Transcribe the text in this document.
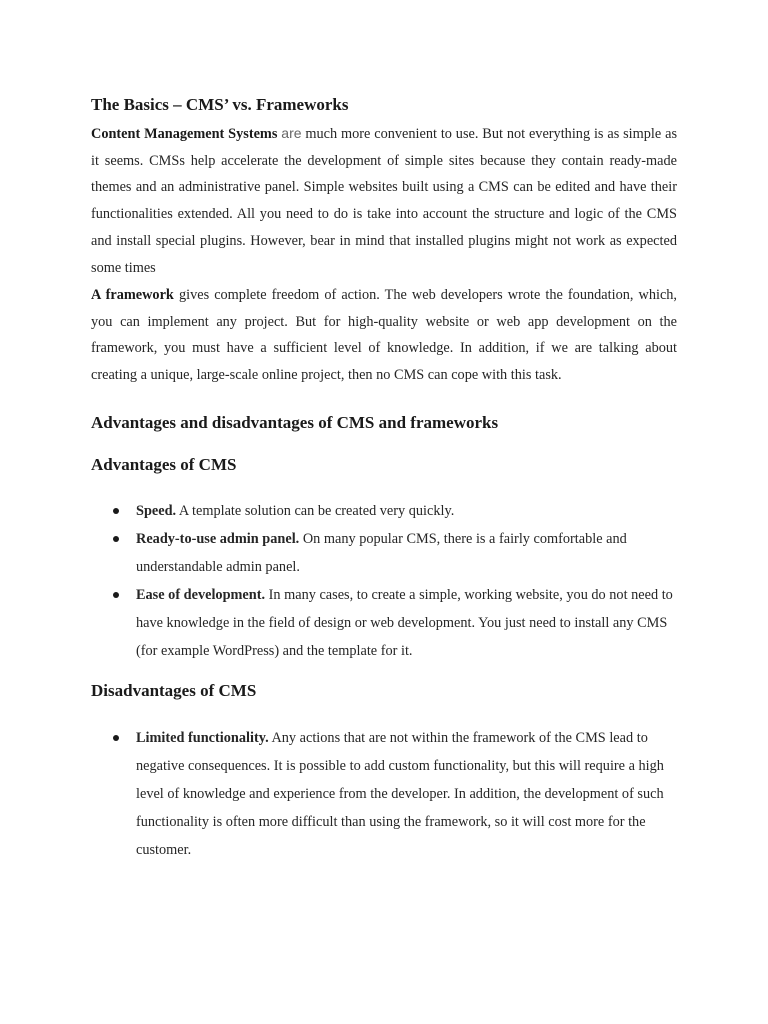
The Basics – CMS’ vs. Frameworks
Content Management Systems are much more convenient to use. But not everything is as simple as it seems. CMSs help accelerate the development of simple sites because they contain ready-made themes and an administrative panel. Simple websites built using a CMS can be edited and have their functionalities extended. All you need to do is take into account the structure and logic of the CMS and install special plugins. However, bear in mind that installed plugins might not work as expected some times
A framework gives complete freedom of action. The web developers wrote the foundation, which, you can implement any project. But for high-quality website or web app development on the framework, you must have a sufficient level of knowledge. In addition, if we are talking about creating a unique, large-scale online project, then no CMS can cope with this task.
Advantages and disadvantages of CMS and frameworks
Advantages of CMS
Speed. A template solution can be created very quickly.
Ready-to-use admin panel. On many popular CMS, there is a fairly comfortable and understandable admin panel.
Ease of development. In many cases, to create a simple, working website, you do not need to have knowledge in the field of design or web development. You just need to install any CMS (for example WordPress) and the template for it.
Disadvantages of CMS
Limited functionality. Any actions that are not within the framework of the CMS lead to negative consequences. It is possible to add custom functionality, but this will require a high level of knowledge and experience from the developer. In addition, the development of such functionality is often more difficult than using the framework, so it will cost more for the customer.
